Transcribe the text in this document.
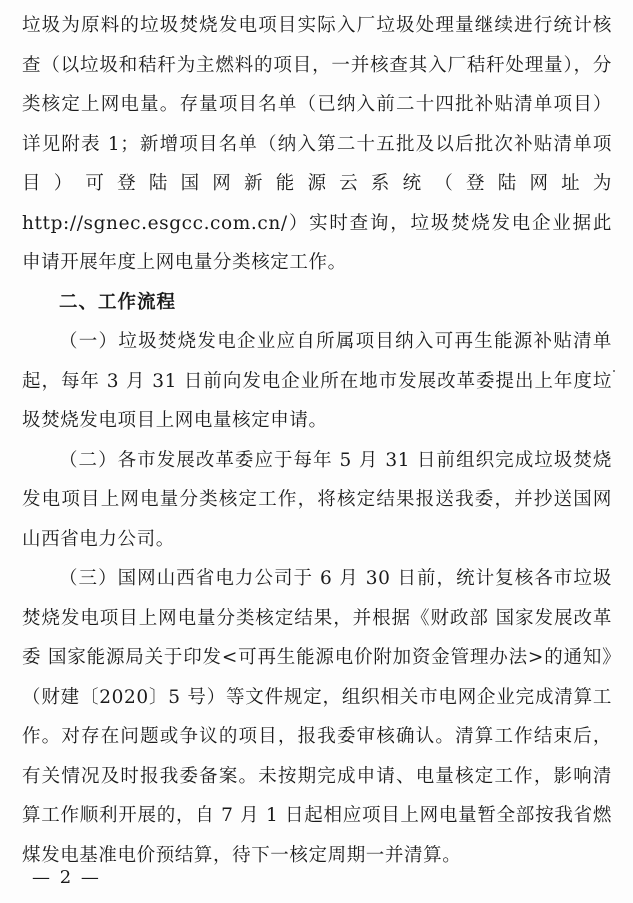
垃圾为原料的垃圾焚烧发电项目实际入厂垃圾处理量继续进行统计核查（以垃圾和秸秆为主燃料的项目，一并核查其入厂秸秆处理量），分类核定上网电量。存量项目名单（已纳入前二十四批补贴清单项目）详见附表 1；新增项目名单（纳入第二十五批及以后批次补贴清单项目）可登陆国网新能源云系统（登陆网址为 http://sgnec.esgcc.com.cn/）实时查询，垃圾焚烧发电企业据此申请开展年度上网电量分类核定工作。

二、工作流程

（一）垃圾焚烧发电企业应自所属项目纳入可再生能源补贴清单起，每年 3 月 31 日前向发电企业所在地市发展改革委提出上年度垃圾焚烧发电项目上网电量核定申请。

（二）各市发展改革委应于每年 5 月 31 日前组织完成垃圾焚烧发电项目上网电量分类核定工作，将核定结果报送我委，并抄送国网山西省电力公司。

（三）国网山西省电力公司于 6 月 30 日前，统计复核各市垃圾焚烧发电项目上网电量分类核定结果，并根据《财政部 国家发展改革委 国家能源局关于印发<可再生能源电价附加资金管理办法>的通知》（财建〔2020〕5 号）等文件规定，组织相关市电网企业完成清算工作。对存在问题或争议的项目，报我委审核确认。清算工作结束后，有关情况及时报我委备案。未按期完成申请、电量核定工作，影响清算工作顺利开展的，自 7 月 1 日起相应项目上网电量暂全部按我省燃煤发电基准电价预结算，待下一核定周期一并清算。

— 2 —
